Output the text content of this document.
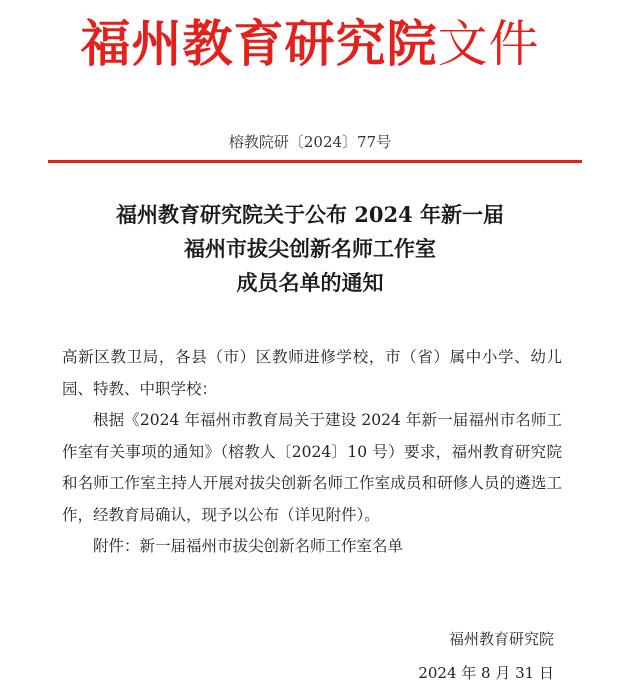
福州教育研究院文件
榕教院研〔2024〕77号
福州教育研究院关于公布 2024 年新一届
福州市拔尖创新名师工作室
成员名单的通知

高新区教卫局，各县（市）区教师进修学校，市（省）属中小学、幼儿园、特教、中职学校：

根据《2024 年福州市教育局关于建设 2024 年新一届福州市名师工作室有关事项的通知》（榕教人〔2024〕10 号）要求，福州教育研究院和名师工作室主持人开展对拔尖创新名师工作室成员和研修人员的遴选工作，经教育局确认，现予以公布（详见附件）。

附件：新一届福州市拔尖创新名师工作室名单

福州教育研究院
2024 年 8 月 31 日
